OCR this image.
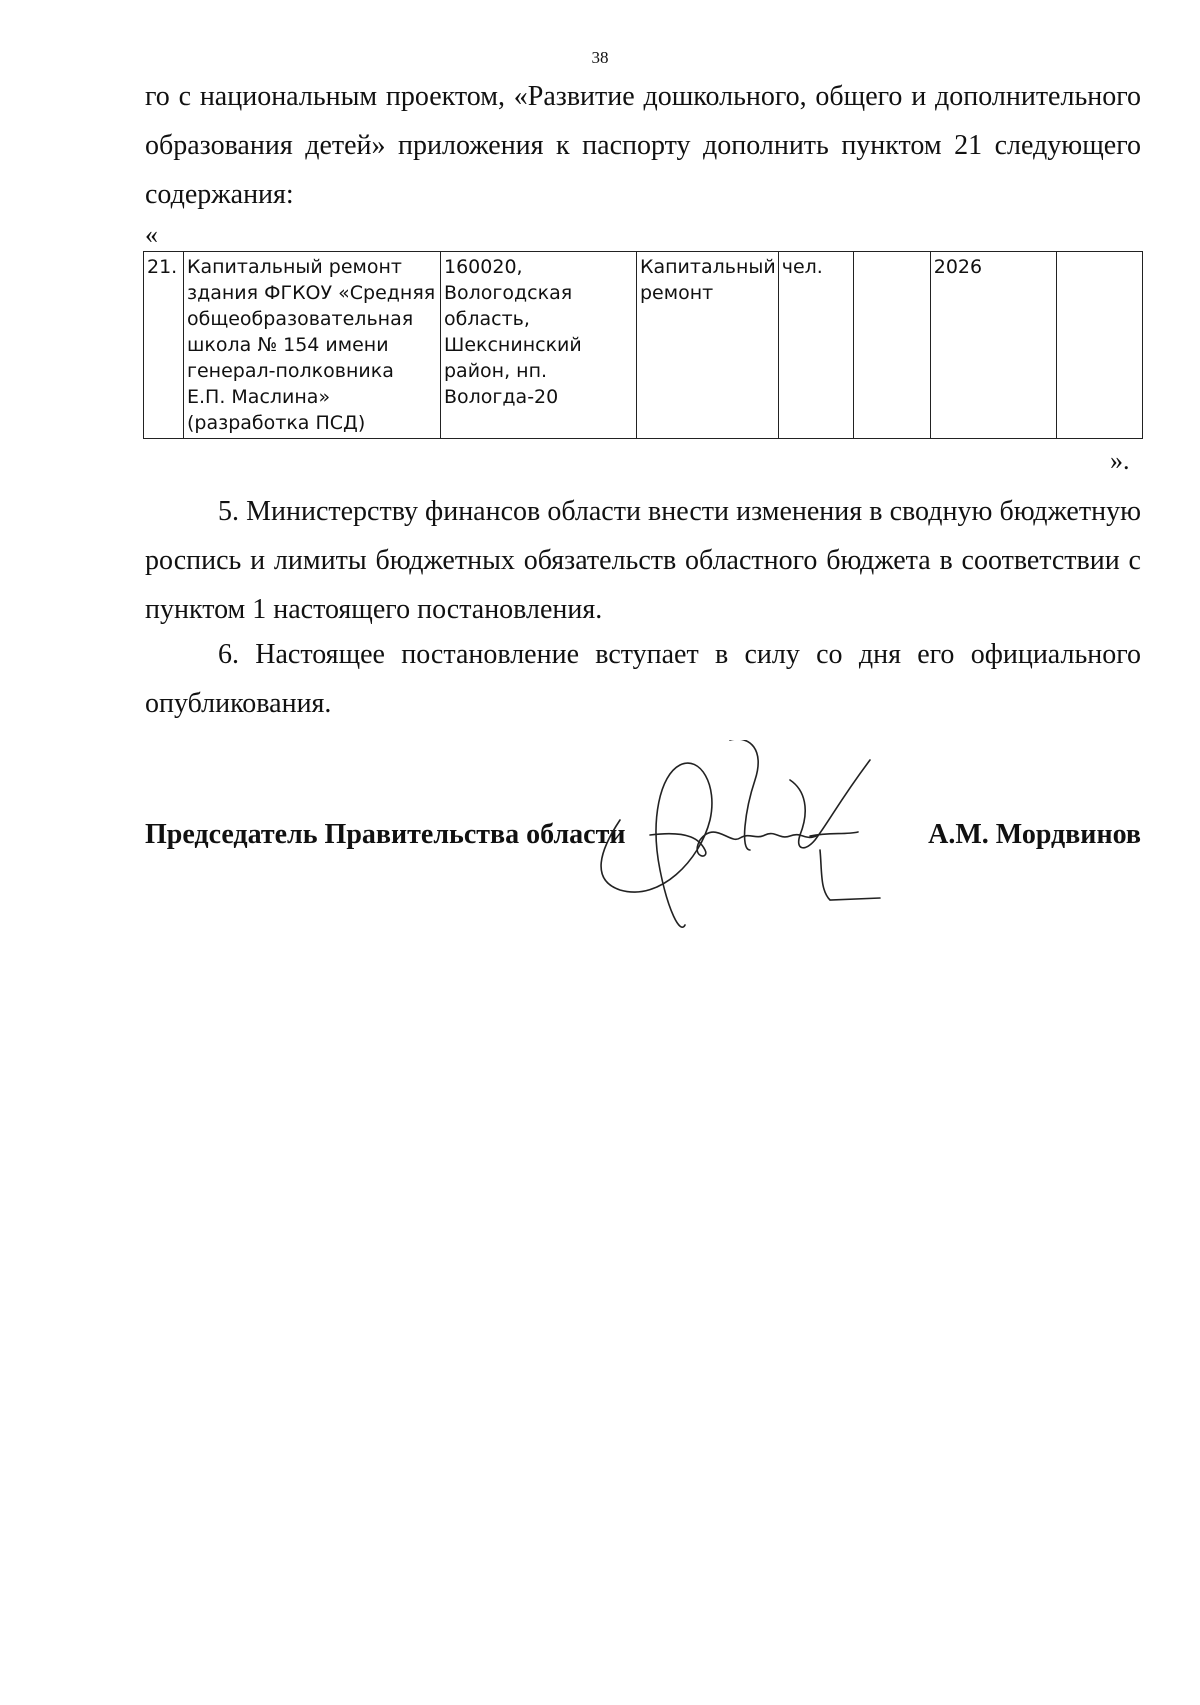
38

го с национальным проектом, «Развитие дошкольного, общего и дополнительного образования детей» приложения к паспорту дополнить пунктом 21 следующего содержания:

«
21.	Капитальный ремонт здания ФГКОУ «Средняя общеобразовательная школа № 154 имени генерал-полковника Е.П. Маслина» (разработка ПСД)	160020, Вологодская область, Шекснинский район, нп. Вологда-20	Капитальный ремонт	чел.		2026	
».

5. Министерству финансов области внести изменения в сводную бюджетную роспись и лимиты бюджетных обязательств областного бюджета в соответствии с пунктом 1 настоящего постановления.

6. Настоящее постановление вступает в силу со дня его официального опубликования.

Председатель Правительства области	А.М. Мордвинов
